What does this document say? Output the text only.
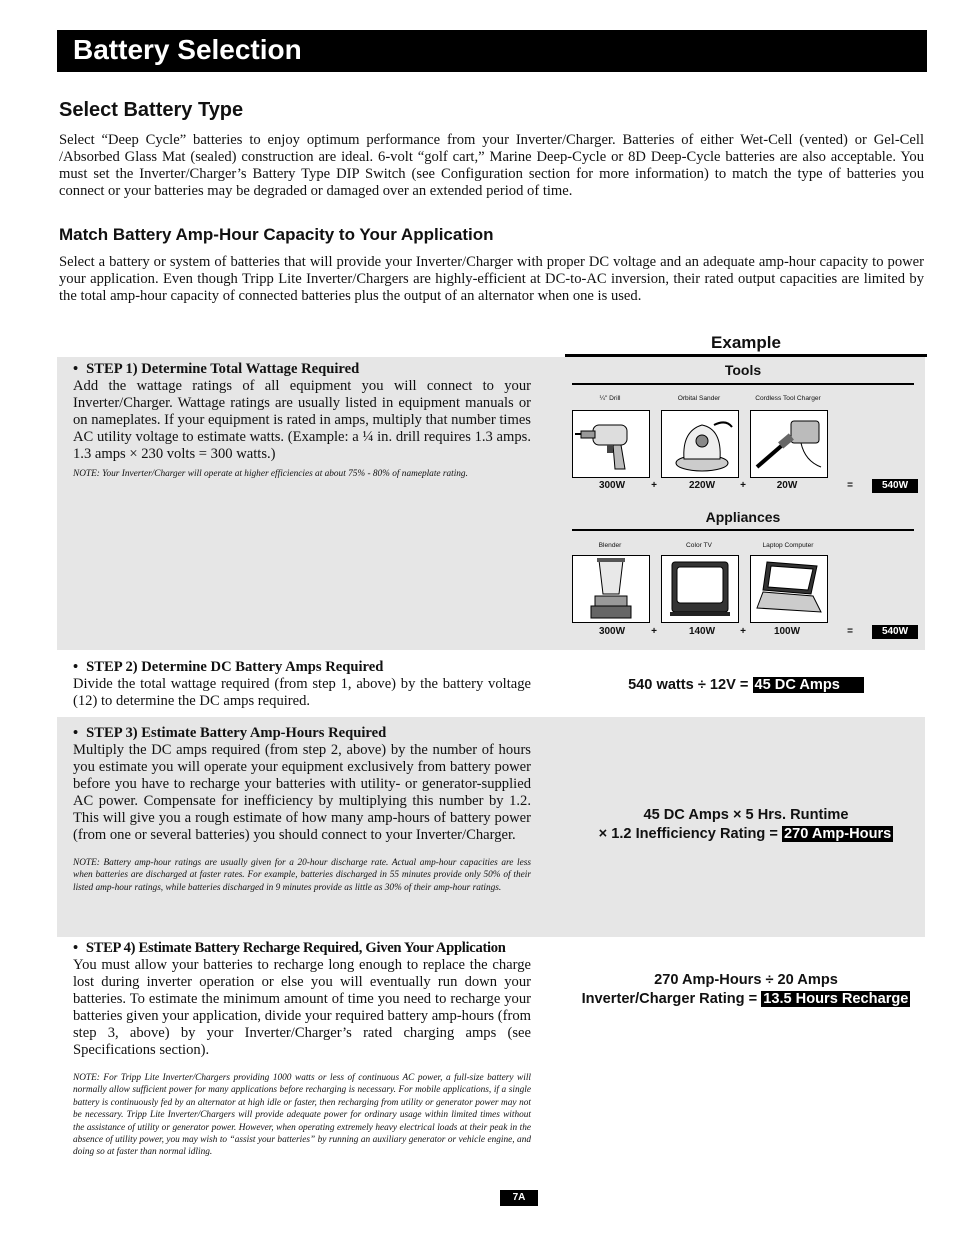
Battery Selection
Select Battery Type
Select “Deep Cycle” batteries to enjoy optimum performance from your Inverter/Charger. Batteries of either Wet-Cell (vented) or Gel-Cell /Absorbed Glass Mat (sealed) construction are ideal. 6-volt “golf cart,” Marine Deep-Cycle or 8D Deep-Cycle batteries are also acceptable. You must set the Inverter/Charger’s Battery Type DIP Switch (see Configuration section for more information) to match the type of batteries you connect or your batteries may be degraded or damaged over an extended period of time.
Match Battery Amp-Hour Capacity to Your Application
Select a battery or system of batteries that will provide your Inverter/Charger with proper DC voltage and an adequate amp-hour capacity to power your application. Even though Tripp Lite Inverter/Chargers are highly-efficient at DC-to-AC inversion, their rated output capacities are limited by the total amp-hour capacity of connected batteries plus the output of an alternator when one is used.
Example
• STEP 1) Determine Total Wattage Required
Add the wattage ratings of all equipment you will connect to your Inverter/Charger. Wattage ratings are usually listed in equipment manuals or on nameplates. If your equipment is rated in amps, multiply that number times AC utility voltage to estimate watts. (Example: a ¼ in. drill requires 1.3 amps. 1.3 amps × 230 volts = 300 watts.)
NOTE: Your Inverter/Charger will operate at higher efficiencies at about 75% - 80% of nameplate rating.
Tools
¼" Drill	Orbital Sander	Cordless Tool Charger
300W	+	220W	+	20W	=	540W
Appliances
Blender	Color TV	Laptop Computer
300W	+	140W	+	100W	=	540W
• STEP 2) Determine DC Battery Amps Required
Divide the total wattage required (from step 1, above) by the battery voltage (12) to determine the DC amps required.
540 watts ÷ 12V = 45 DC Amps
• STEP 3) Estimate Battery Amp-Hours Required
Multiply the DC amps required (from step 2, above) by the number of hours you estimate you will operate your equipment exclusively from battery power before you have to recharge your batteries with utility- or generator-supplied AC power. Compensate for inefficiency by multiplying this number by 1.2. This will give you a rough estimate of how many amp-hours of battery power (from one or several batteries) you should connect to your Inverter/Charger.
NOTE: Battery amp-hour ratings are usually given for a 20-hour discharge rate. Actual amp-hour capacities are less when batteries are discharged at faster rates. For example, batteries discharged in 55 minutes provide only 50% of their listed amp-hour ratings, while batteries discharged in 9 minutes provide as little as 30% of their amp-hour ratings.
45 DC Amps × 5 Hrs. Runtime
× 1.2 Inefficiency Rating = 270 Amp-Hours
• STEP 4) Estimate Battery Recharge Required, Given Your Application
You must allow your batteries to recharge long enough to replace the charge lost during inverter operation or else you will eventually run down your batteries. To estimate the minimum amount of time you need to recharge your batteries given your application, divide your required battery amp-hours (from step 3, above) by your Inverter/Charger’s rated charging amps (see Specifications section).
NOTE: For Tripp Lite Inverter/Chargers providing 1000 watts or less of continuous AC power, a full-size battery will normally allow sufficient power for many applications before recharging is necessary. For mobile applications, if a single battery is continuously fed by an alternator at high idle or faster, then recharging from utility or generator power may not be necessary. Tripp Lite Inverter/Chargers will provide adequate power for ordinary usage within limited times without the assistance of utility or generator power. However, when operating extremely heavy electrical loads at their peak in the absence of utility power, you may wish to “assist your batteries” by running an auxiliary generator or vehicle engine, and doing so at faster than normal idling.
270 Amp-Hours ÷ 20 Amps
Inverter/Charger Rating = 13.5 Hours Recharge
7A
